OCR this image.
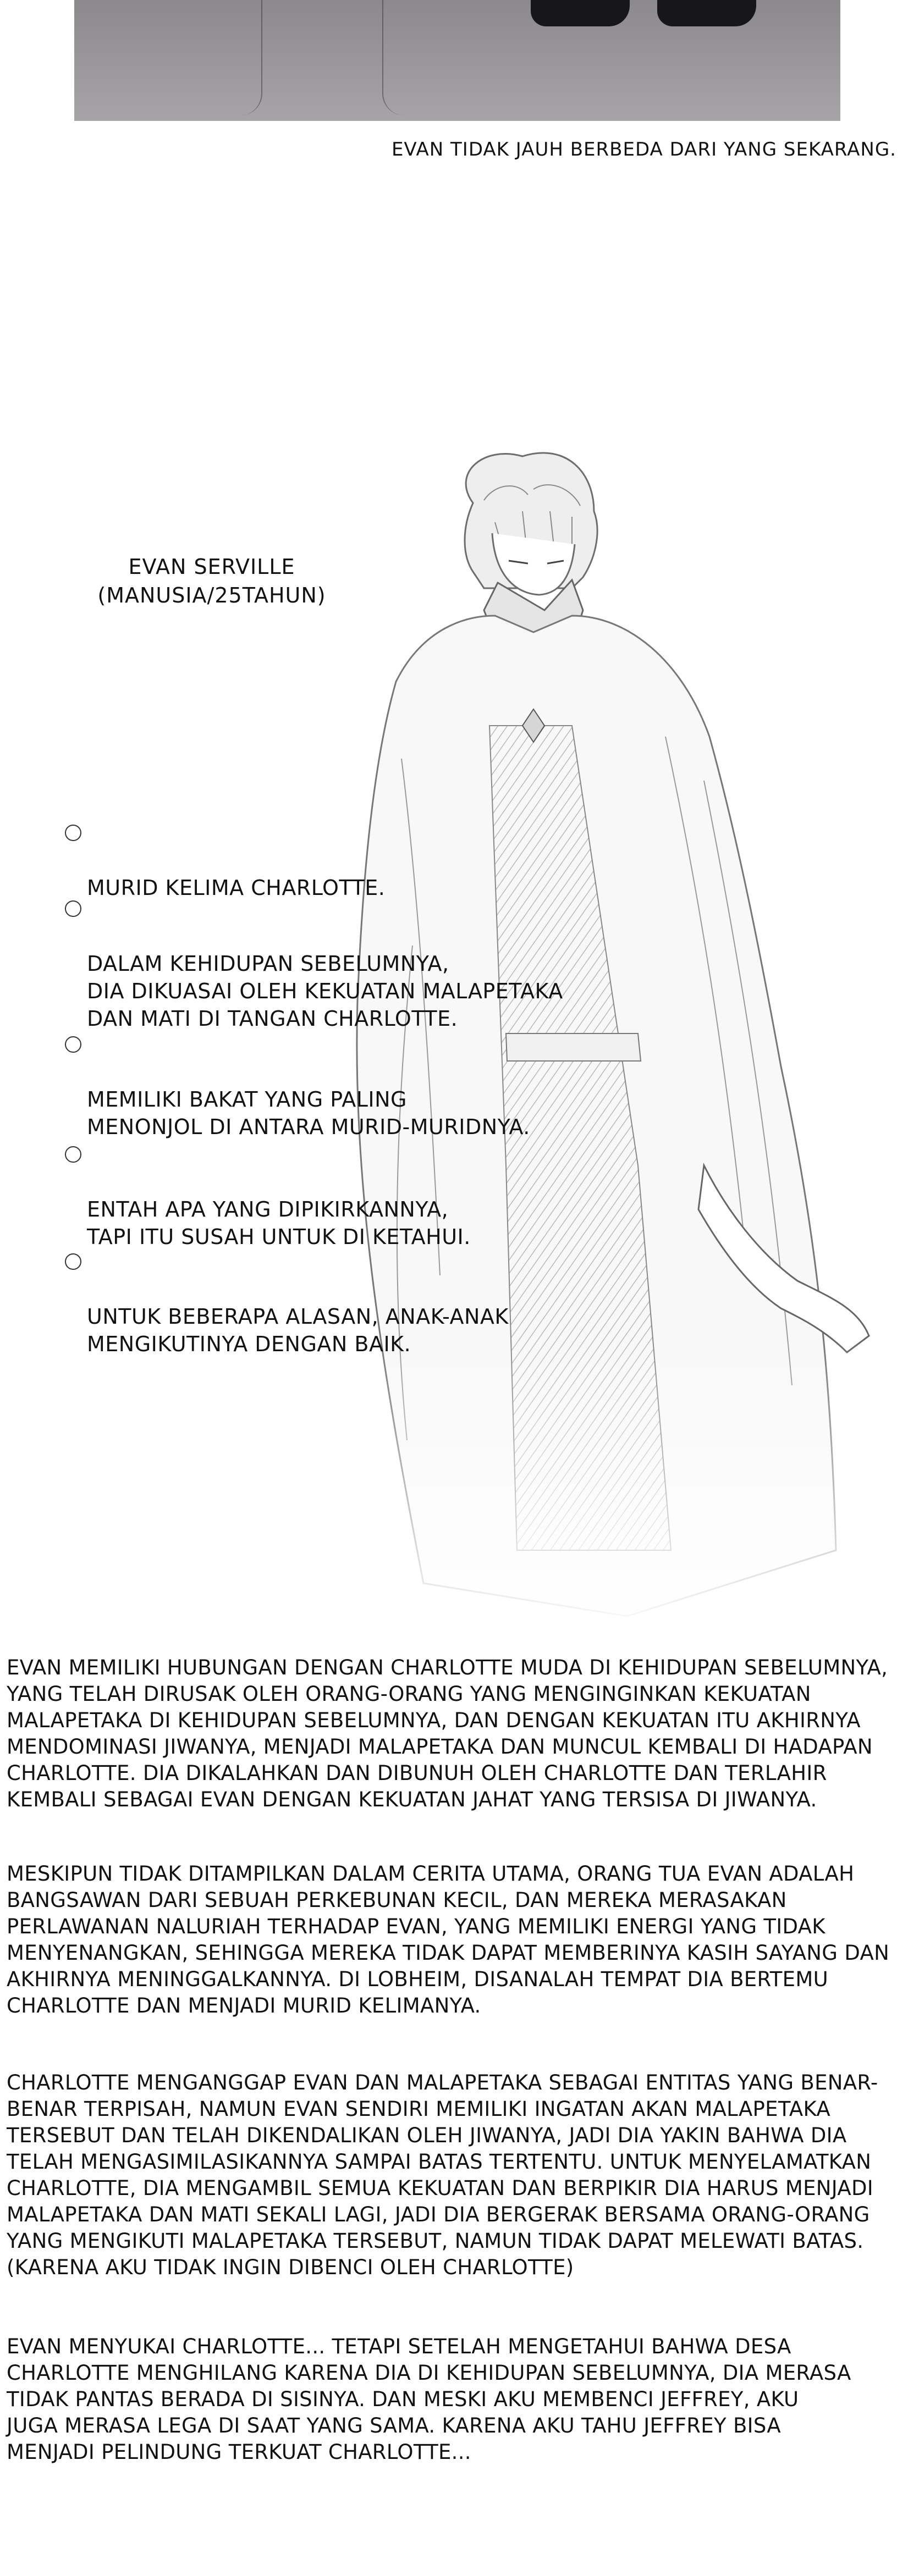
EVAN TIDAK JAUH BERBEDA DARI YANG SEKARANG.
EVAN SERVILLE
(MANUSIA/25TAHUN)

MURID KELIMA CHARLOTTE.

DALAM KEHIDUPAN SEBELUMNYA,
DIA DIKUASAI OLEH KEKUATAN MALAPETAKA
DAN MATI DI TANGAN CHARLOTTE.

MEMILIKI BAKAT YANG PALING
MENONJOL DI ANTARA MURID-MURIDNYA.

ENTAH APA YANG DIPIKIRKANNYA,
TAPI ITU SUSAH UNTUK DI KETAHUI.

UNTUK BEBERAPA ALASAN, ANAK-ANAK
MENGIKUTINYA DENGAN BAIK.

EVAN MEMILIKI HUBUNGAN DENGAN CHARLOTTE MUDA DI KEHIDUPAN SEBELUMNYA,
YANG TELAH DIRUSAK OLEH ORANG-ORANG YANG MENGINGINKAN KEKUATAN
MALAPETAKA DI KEHIDUPAN SEBELUMNYA, DAN DENGAN KEKUATAN ITU AKHIRNYA
MENDOMINASI JIWANYA, MENJADI MALAPETAKA DAN MUNCUL KEMBALI DI HADAPAN
CHARLOTTE. DIA DIKALAHKAN DAN DIBUNUH OLEH CHARLOTTE DAN TERLAHIR
KEMBALI SEBAGAI EVAN DENGAN KEKUATAN JAHAT YANG TERSISA DI JIWANYA.
MESKIPUN TIDAK DITAMPILKAN DALAM CERITA UTAMA, ORANG TUA EVAN ADALAH
BANGSAWAN DARI SEBUAH PERKEBUNAN KECIL, DAN MEREKA MERASAKAN
PERLAWANAN NALURIAH TERHADAP EVAN, YANG MEMILIKI ENERGI YANG TIDAK
MENYENANGKAN, SEHINGGA MEREKA TIDAK DAPAT MEMBERINYA KASIH SAYANG DAN
AKHIRNYA MENINGGALKANNYA. DI LOBHEIM, DISANALAH TEMPAT DIA BERTEMU
CHARLOTTE DAN MENJADI MURID KELIMANYA.
CHARLOTTE MENGANGGAP EVAN DAN MALAPETAKA SEBAGAI ENTITAS YANG BENAR-
BENAR TERPISAH, NAMUN EVAN SENDIRI MEMILIKI INGATAN AKAN MALAPETAKA
TERSEBUT DAN TELAH DIKENDALIKAN OLEH JIWANYA, JADI DIA YAKIN BAHWA DIA
TELAH MENGASIMILASIKANNYA SAMPAI BATAS TERTENTU. UNTUK MENYELAMATKAN
CHARLOTTE, DIA MENGAMBIL SEMUA KEKUATAN DAN BERPIKIR DIA HARUS MENJADI
MALAPETAKA DAN MATI SEKALI LAGI, JADI DIA BERGERAK BERSAMA ORANG-ORANG
YANG MENGIKUTI MALAPETAKA TERSEBUT, NAMUN TIDAK DAPAT MELEWATI BATAS.
(KARENA AKU TIDAK INGIN DIBENCI OLEH CHARLOTTE)
EVAN MENYUKAI CHARLOTTE... TETAPI SETELAH MENGETAHUI BAHWA DESA
CHARLOTTE MENGHILANG KARENA DIA DI KEHIDUPAN SEBELUMNYA, DIA MERASA
TIDAK PANTAS BERADA DI SISINYA. DAN MESKI AKU MEMBENCI JEFFREY, AKU
JUGA MERASA LEGA DI SAAT YANG SAMA. KARENA AKU TAHU JEFFREY BISA
MENJADI PELINDUNG TERKUAT CHARLOTTE...
